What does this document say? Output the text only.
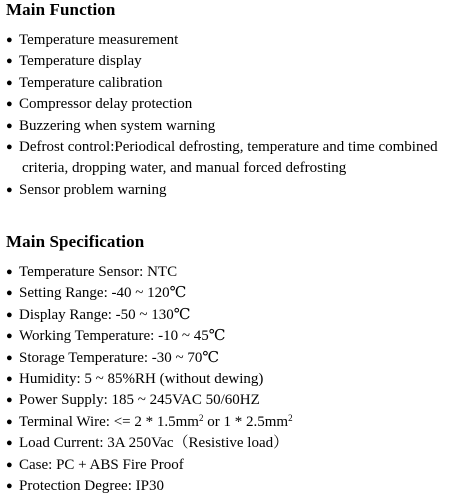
Main Function
● Temperature measurement
● Temperature display
● Temperature calibration
● Compressor delay protection
● Buzzering when system warning
● Defrost control:Periodical defrosting, temperature and time combined
criteria, dropping water, and manual forced defrosting
● Sensor problem warning
Main Specification
● Temperature Sensor: NTC
● Setting Range: -40 ~ 120℃
● Display Range: -50 ~ 130℃
● Working Temperature: -10 ~ 45℃
● Storage Temperature: -30 ~ 70℃
● Humidity: 5 ~ 85%RH (without dewing)
● Power Supply: 185 ~ 245VAC 50/60HZ
● Terminal Wire: <= $2 * 1.5mm^2$ or $1 * 2.5mm^2$
● Load Current: 3A 250Vac（Resistive load）
● Case: PC + ABS Fire Proof
● Protection Degree: IP30
